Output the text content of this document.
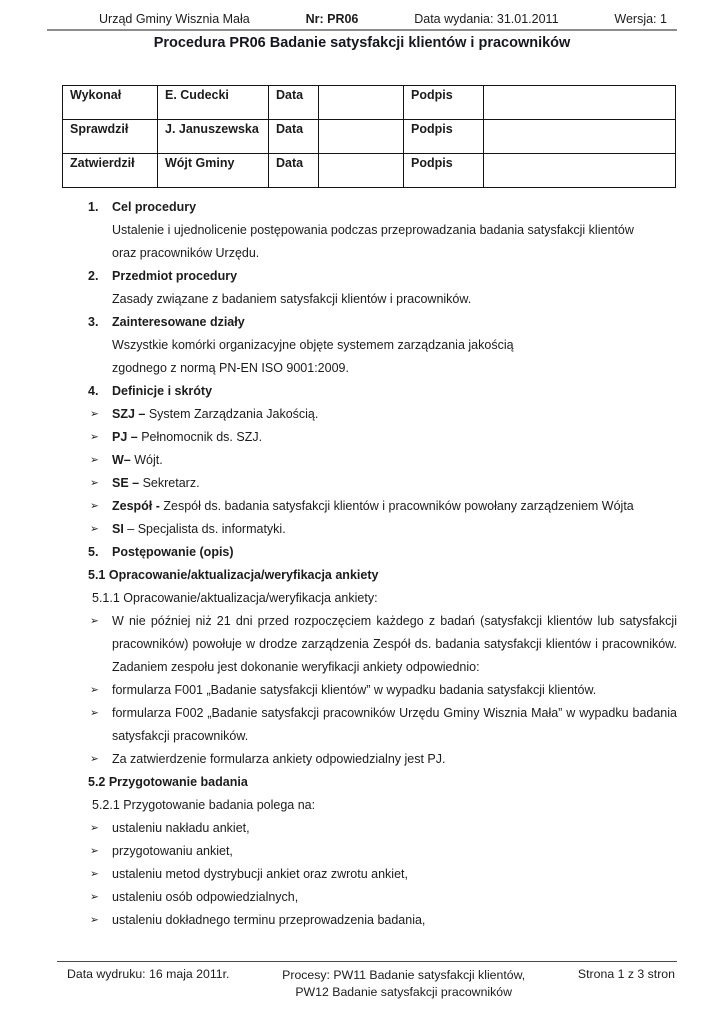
Urząd Gminy Wisznia Mała	Nr: PR06	Data wydania: 31.01.2011	Wersja: 1
Procedura PR06 Badanie satysfakcji klientów i pracowników
Wykonał	E. Cudecki	Data		Podpis	
Sprawdził	J. Januszewska	Data		Podpis	
Zatwierdził	Wójt Gminy	Data		Podpis	
1.	Cel procedury
Ustalenie i ujednolicenie postępowania podczas przeprowadzania badania satysfakcji klientów
oraz pracowników Urzędu.
2.	Przedmiot procedury
Zasady związane z badaniem satysfakcji klientów i pracowników.
3.	Zainteresowane działy
Wszystkie komórki organizacyjne objęte systemem zarządzania jakością
zgodnego z normą PN-EN ISO 9001:2009.
4.	Definicje i skróty
➢ SZJ – System Zarządzania Jakością.
➢ PJ – Pełnomocnik ds. SZJ.
➢ W– Wójt.
➢ SE – Sekretarz.
➢ Zespół - Zespół ds. badania satysfakcji klientów i pracowników powołany zarządzeniem Wójta
➢ SI – Specjalista ds. informatyki.
5.	Postępowanie (opis)
5.1 Opracowanie/aktualizacja/weryfikacja ankiety
5.1.1 Opracowanie/aktualizacja/weryfikacja ankiety:
➢ W nie później niż 21 dni przed rozpoczęciem każdego z badań (satysfakcji klientów lub satysfakcji pracowników) powołuje w drodze zarządzenia Zespół ds. badania satysfakcji klientów i pracowników. Zadaniem zespołu jest dokonanie weryfikacji ankiety odpowiednio:
➢ formularza F001 „Badanie satysfakcji klientów” w wypadku badania satysfakcji klientów.
➢ formularza F002 „Badanie satysfakcji pracowników Urzędu Gminy Wisznia Mała” w wypadku badania satysfakcji pracowników.
➢ Za zatwierdzenie formularza ankiety odpowiedzialny jest PJ.
5.2 Przygotowanie badania
5.2.1 Przygotowanie badania polega na:
➢ ustaleniu nakładu ankiet,
➢ przygotowaniu ankiet,
➢ ustaleniu metod dystrybucji ankiet oraz zwrotu ankiet,
➢ ustaleniu osób odpowiedzialnych,
➢ ustaleniu dokładnego terminu przeprowadzenia badania,
Data wydruku: 16 maja 2011r.	Procesy: PW11 Badanie satysfakcji klientów,
PW12 Badanie satysfakcji pracowników
Strona 1 z 3 stron
